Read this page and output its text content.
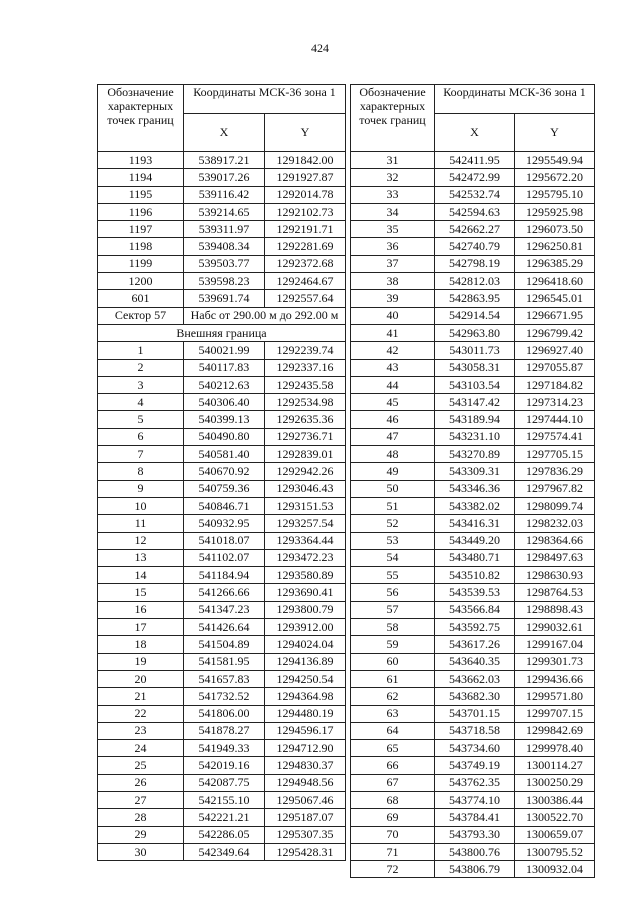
424
Обозначение характерных точек границ	Координаты МСК-36 зона 1	
	X	Y
1193	538917.21	1291842.00
1194	539017.26	1291927.87
1195	539116.42	1292014.78
1196	539214.65	1292102.73
1197	539311.97	1292191.71
1198	539408.34	1292281.69
1199	539503.77	1292372.68
1200	539598.23	1292464.67
601	539691.74	1292557.64
Сектор 57	Набс от 290.00 м до 292.00 м	

Внешняя граница		
1	540021.99	1292239.74
2	540117.83	1292337.16
3	540212.63	1292435.58
4	540306.40	1292534.98
5	540399.13	1292635.36
6	540490.80	1292736.71
7	540581.40	1292839.01
8	540670.92	1292942.26
9	540759.36	1293046.43
10	540846.71	1293151.53
11	540932.95	1293257.54
12	541018.07	1293364.44
13	541102.07	1293472.23
14	541184.94	1293580.89
15	541266.66	1293690.41
16	541347.23	1293800.79
17	541426.64	1293912.00
18	541504.89	1294024.04
19	541581.95	1294136.89
20	541657.83	1294250.54
21	541732.52	1294364.98
22	541806.00	1294480.19
23	541878.27	1294596.17
24	541949.33	1294712.90
25	542019.16	1294830.37
26	542087.75	1294948.56
27	542155.10	1295067.46
28	542221.21	1295187.07
29	542286.05	1295307.35
30	542349.64	1295428.31
Обозначение характерных точек границ	Координаты МСК-36 зона 1	
	X	Y
31	542411.95	1295549.94
32	542472.99	1295672.20
33	542532.74	1295795.10
34	542594.63	1295925.98
35	542662.27	1296073.50
36	542740.79	1296250.81
37	542798.19	1296385.29
38	542812.03	1296418.60
39	542863.95	1296545.01
40	542914.54	1296671.95
41	542963.80	1296799.42
42	543011.73	1296927.40
43	543058.31	1297055.87
44	543103.54	1297184.82
45	543147.42	1297314.23
46	543189.94	1297444.10
47	543231.10	1297574.41
48	543270.89	1297705.15
49	543309.31	1297836.29
50	543346.36	1297967.82
51	543382.02	1298099.74
52	543416.31	1298232.03
53	543449.20	1298364.66
54	543480.71	1298497.63
55	543510.82	1298630.93
56	543539.53	1298764.53
57	543566.84	1298898.43
58	543592.75	1299032.61
59	543617.26	1299167.04
60	543640.35	1299301.73
61	543662.03	1299436.66
62	543682.30	1299571.80
63	543701.15	1299707.15
64	543718.58	1299842.69
65	543734.60	1299978.40
66	543749.19	1300114.27
67	543762.35	1300250.29
68	543774.10	1300386.44
69	543784.41	1300522.70
70	543793.30	1300659.07
71	543800.76	1300795.52
72	543806.79	1300932.04
